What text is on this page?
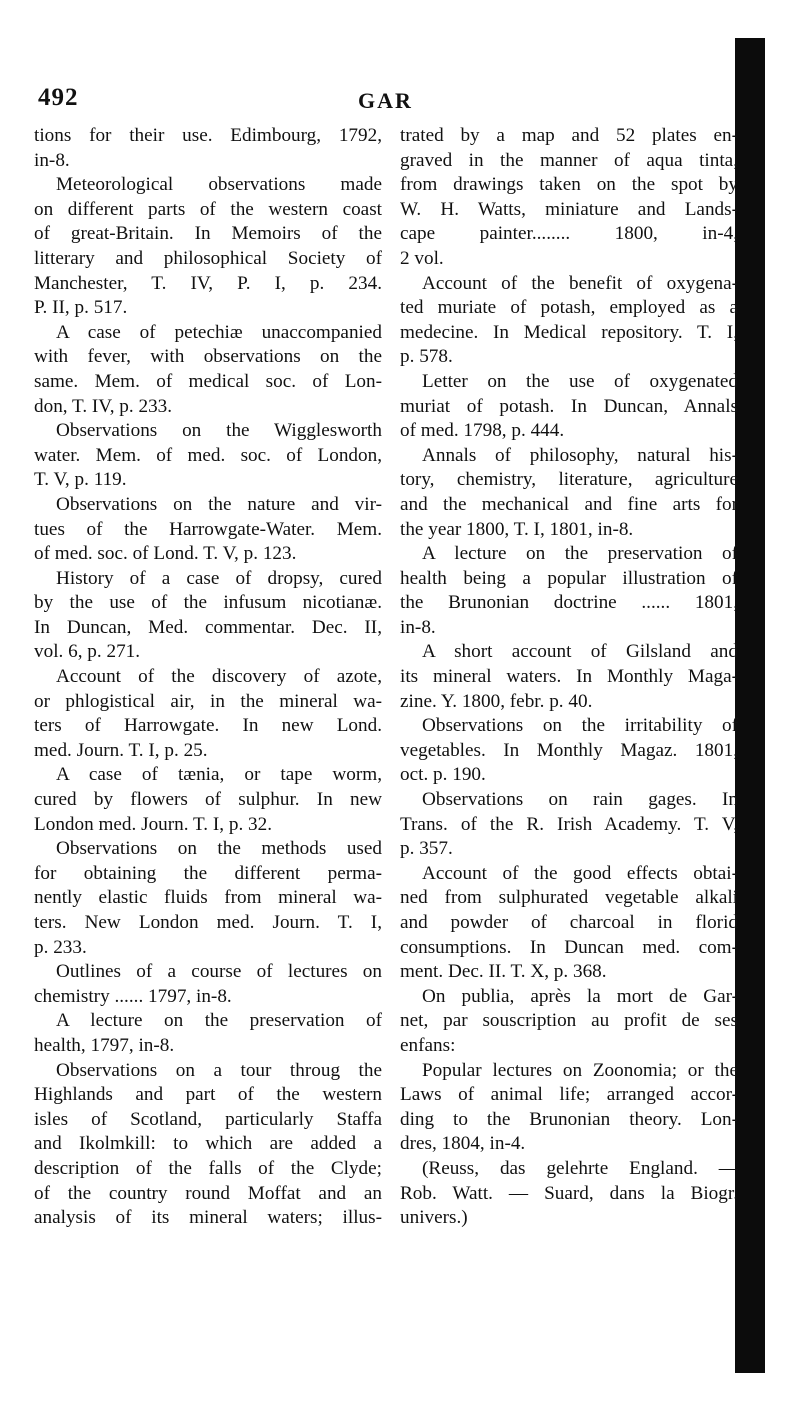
492	GAR
tions for their use. Edimbourg, 1792,
in-8.
Meteorological observations made
on different parts of the western coast
of great-Britain. In Memoirs of the
litterary and philosophical Society of
Manchester, T. IV, P. I, p. 234.
P. II, p. 517.
A case of petechiæ unaccompanied
with fever, with observations on the
same. Mem. of medical soc. of Lon-
don, T. IV, p. 233.
Observations on the Wigglesworth
water. Mem. of med. soc. of London,
T. V, p. 119.
Observations on the nature and vir-
tues of the Harrowgate-Water. Mem.
of med. soc. of Lond. T. V, p. 123.
History of a case of dropsy, cured
by the use of the infusum nicotianæ.
In Duncan, Med. commentar. Dec. II,
vol. 6, p. 271.
Account of the discovery of azote,
or phlogistical air, in the mineral wa-
ters of Harrowgate. In new Lond.
med. Journ. T. I, p. 25.
A case of tænia, or tape worm,
cured by flowers of sulphur. In new
London med. Journ. T. I, p. 32.
Observations on the methods used
for obtaining the different perma-
nently elastic fluids from mineral wa-
ters. New London med. Journ. T. I,
p. 233.
Outlines of a course of lectures on
chemistry ...... 1797, in-8.
A lecture on the preservation of
health, 1797, in-8.
Observations on a tour throug the
Highlands and part of the western
isles of Scotland, particularly Staffa
and Ikolmkill: to which are added a
description of the falls of the Clyde;
of the country round Moffat and an
analysis of its mineral waters; illus-
trated by a map and 52 plates en-
graved in the manner of aqua tinta,
from drawings taken on the spot by
W. H. Watts, miniature and Lands-
cape painter........ 1800, in-4,
2 vol.
Account of the benefit of oxygena-
ted muriate of potash, employed as a
medecine. In Medical repository. T. I,
p. 578.
Letter on the use of oxygenated
muriat of potash. In Duncan, Annals
of med. 1798, p. 444.
Annals of philosophy, natural his-
tory, chemistry, literature, agriculture
and the mechanical and fine arts for
the year 1800, T. I, 1801, in-8.
A lecture on the preservation of
health being a popular illustration of
the Brunonian doctrine ...... 1801,
in-8.
A short account of Gilsland and
its mineral waters. In Monthly Maga-
zine. Y. 1800, febr. p. 40.
Observations on the irritability of
vegetables. In Monthly Magaz. 1801,
oct. p. 190.
Observations on rain gages. In
Trans. of the R. Irish Academy. T. V,
p. 357.
Account of the good effects obtai-
ned from sulphurated vegetable alkali
and powder of charcoal in florid
consumptions. In Duncan med. com-
ment. Dec. II. T. X, p. 368.
On publia, après la mort de Gar-
net, par souscription au profit de ses
enfans:
Popular lectures on Zoonomia; or the
Laws of animal life; arranged accor-
ding to the Brunonian theory. Lon-
dres, 1804, in-4.
(Reuss, das gelehrte England. —
Rob. Watt. — Suard, dans la Biogr.
univers.)
